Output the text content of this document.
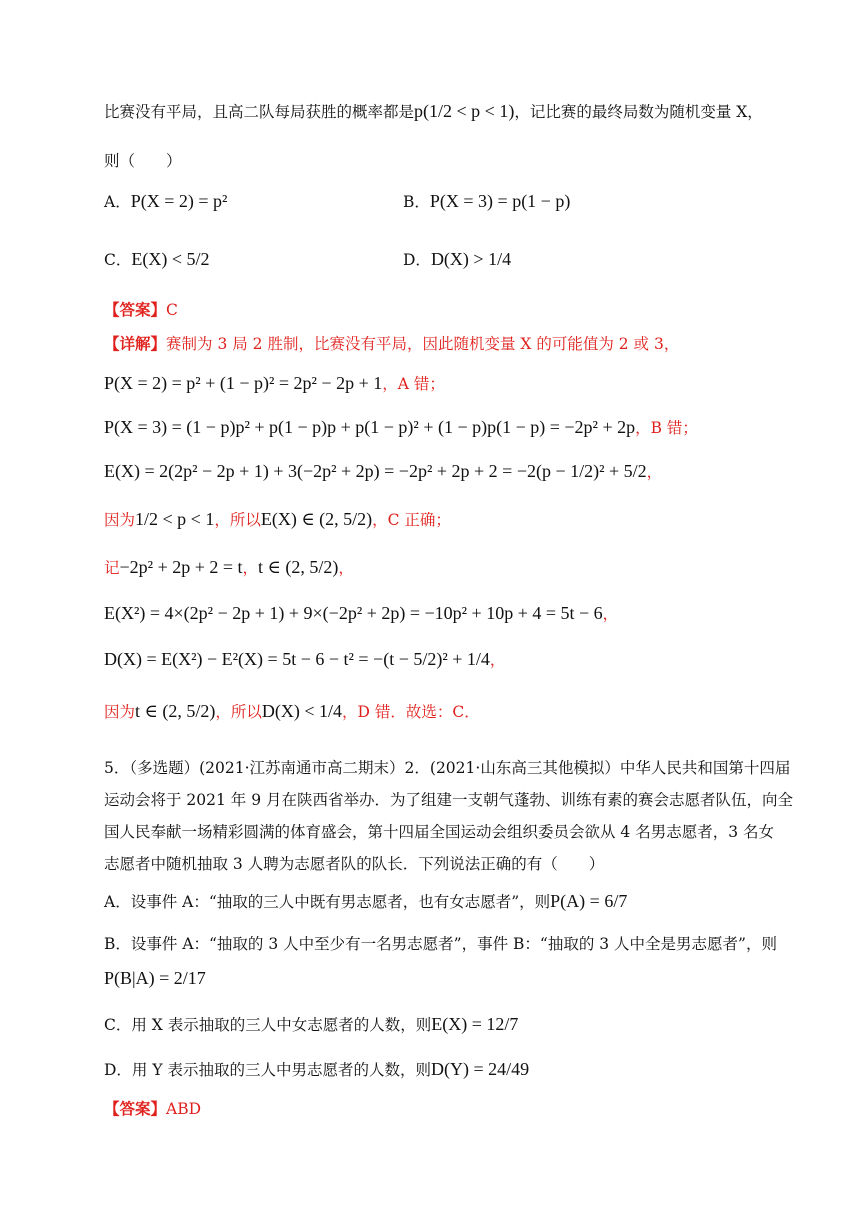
比赛没有平局，且高二队每局获胜的概率都是p(1/2 < p < 1)，记比赛的最终局数为随机变量 X，
则（　　）
A．P(X = 2) = p²	B．P(X = 3) = p(1 − p)
C．E(X) < 5/2	D．D(X) > 1/4
【答案】C
【详解】赛制为 3 局 2 胜制，比赛没有平局，因此随机变量 X 的可能值为 2 或 3，
P(X = 2) = p² + (1 − p)² = 2p² − 2p + 1，A 错；
P(X = 3) = (1 − p)p² + p(1 − p)p + p(1 − p)² + (1 − p)p(1 − p) = −2p² + 2p，B 错；
E(X) = 2(2p² − 2p + 1) + 3(−2p² + 2p) = −2p² + 2p + 2 = −2(p − 1/2)² + 5/2，
因为1/2 < p < 1，所以E(X) ∈ (2, 5/2)，C 正确；
记−2p² + 2p + 2 = t，t ∈ (2, 5/2)，
E(X²) = 4×(2p² − 2p + 1) + 9×(−2p² + 2p) = −10p² + 10p + 4 = 5t − 6，
D(X) = E(X²) − E²(X) = 5t − 6 − t² = −(t − 5/2)² + 1/4，
因为t ∈ (2, 5/2)，所以D(X) < 1/4，D 错．故选：C．
5．（多选题）(2021·江苏南通市高二期末）2．(2021·山东高三其他模拟）中华人民共和国第十四届
运动会将于 2021 年 9 月在陕西省举办．为了组建一支朝气蓬勃、训练有素的赛会志愿者队伍，向全
国人民奉献一场精彩圆满的体育盛会，第十四届全国运动会组织委员会欲从 4 名男志愿者，3 名女
志愿者中随机抽取 3 人聘为志愿者队的队长．下列说法正确的有（　　）
A．设事件 A：“抽取的三人中既有男志愿者，也有女志愿者”，则P(A) = 6/7
B．设事件 A：“抽取的 3 人中至少有一名男志愿者”，事件 B：“抽取的 3 人中全是男志愿者”，则
P(B|A) = 2/17
C．用 X 表示抽取的三人中女志愿者的人数，则E(X) = 12/7
D．用 Y 表示抽取的三人中男志愿者的人数，则D(Y) = 24/49
【答案】ABD
